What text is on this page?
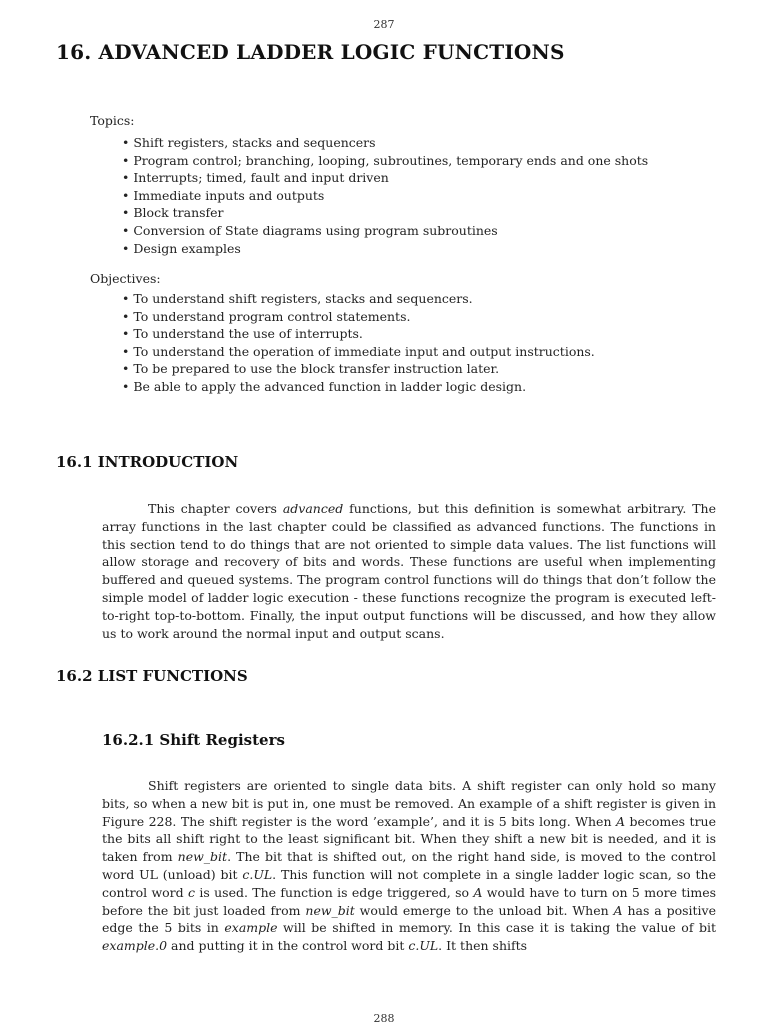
287
16. ADVANCED LADDER LOGIC FUNCTIONS
Topics:
• Shift registers, stacks and sequencers
• Program control; branching, looping, subroutines, temporary ends and one shots
• Interrupts; timed, fault and input driven
• Immediate inputs and outputs
• Block transfer
• Conversion of State diagrams using program subroutines
• Design examples
Objectives:
• To understand shift registers, stacks and sequencers.
• To understand program control statements.
• To understand the use of interrupts.
• To understand the operation of immediate input and output instructions.
• To be prepared to use the block transfer instruction later.
• Be able to apply the advanced function in ladder logic design.
16.1 INTRODUCTION

This chapter covers advanced functions, but this definition is somewhat arbitrary. The array functions in the last chapter could be classified as advanced functions. The functions in this section tend to do things that are not oriented to simple data values. The list functions will allow storage and recovery of bits and words. These functions are useful when implementing buffered and queued systems. The program control functions will do things that don’t follow the simple model of ladder logic execution - these functions recognize the program is executed left-to-right top-to-bottom. Finally, the input output functions will be discussed, and how they allow us to work around the normal input and output scans.

16.2 LIST FUNCTIONS
16.2.1 Shift Registers

Shift registers are oriented to single data bits. A shift register can only hold so many bits, so when a new bit is put in, one must be removed. An example of a shift register is given in Figure 228. The shift register is the word ’example’, and it is 5 bits long. When A becomes true the bits all shift right to the least significant bit. When they shift a new bit is needed, and it is taken from new_bit. The bit that is shifted out, on the right hand side, is moved to the control word UL (unload) bit c.UL. This function will not complete in a single ladder logic scan, so the control word c is used. The function is edge triggered, so A would have to turn on 5 more times before the bit just loaded from new_bit would emerge to the unload bit. When A has a positive edge the 5 bits in example will be shifted in memory. In this case it is taking the value of bit example.0 and putting it in the control word bit c.UL. It then shifts

288
